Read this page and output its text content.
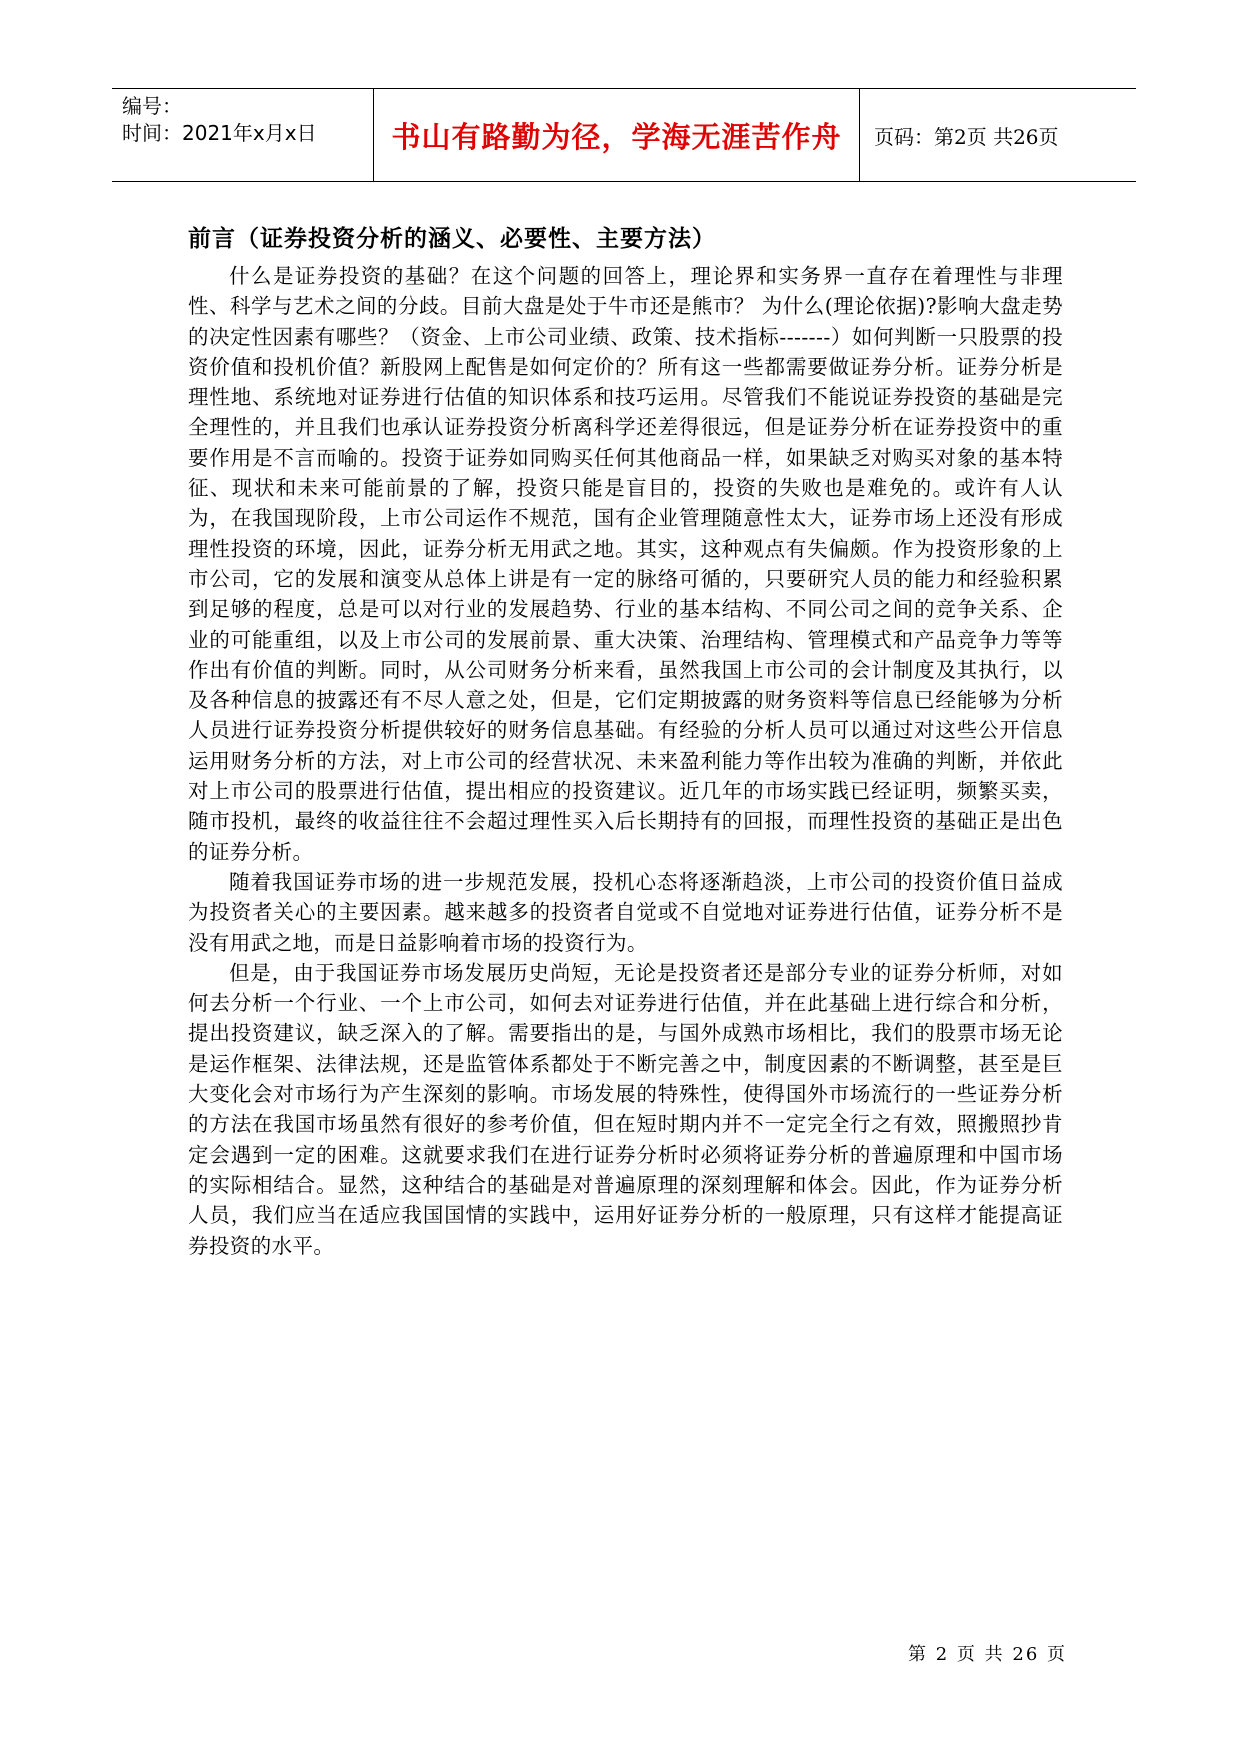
编号：
时间：2021年x月x日	书山有路勤为径，学海无涯苦作舟	页码：第2页 共26页
前言（证券投资分析的涵义、必要性、主要方法）

什么是证券投资的基础？在这个问题的回答上，理论界和实务界一直存在着理性与非理性、科学与艺术之间的分歧。目前大盘是处于牛市还是熊市？ 为什么(理论依据)?影响大盘走势的决定性因素有哪些？（资金、上市公司业绩、政策、技术指标-------）如何判断一只股票的投资价值和投机价值？新股网上配售是如何定价的？所有这一些都需要做证券分析。证券分析是理性地、系统地对证券进行估值的知识体系和技巧运用。尽管我们不能说证券投资的基础是完全理性的，并且我们也承认证券投资分析离科学还差得很远，但是证券分析在证券投资中的重要作用是不言而喻的。投资于证券如同购买任何其他商品一样，如果缺乏对购买对象的基本特征、现状和未来可能前景的了解，投资只能是盲目的，投资的失败也是难免的。或许有人认为，在我国现阶段，上市公司运作不规范，国有企业管理随意性太大，证券市场上还没有形成理性投资的环境，因此，证券分析无用武之地。其实，这种观点有失偏颇。作为投资形象的上市公司，它的发展和演变从总体上讲是有一定的脉络可循的，只要研究人员的能力和经验积累到足够的程度，总是可以对行业的发展趋势、行业的基本结构、不同公司之间的竞争关系、企业的可能重组，以及上市公司的发展前景、重大决策、治理结构、管理模式和产品竞争力等等作出有价值的判断。同时，从公司财务分析来看，虽然我国上市公司的会计制度及其执行，以及各种信息的披露还有不尽人意之处，但是，它们定期披露的财务资料等信息已经能够为分析人员进行证券投资分析提供较好的财务信息基础。有经验的分析人员可以通过对这些公开信息运用财务分析的方法，对上市公司的经营状况、未来盈利能力等作出较为准确的判断，并依此对上市公司的股票进行估值，提出相应的投资建议。近几年的市场实践已经证明，频繁买卖，随市投机，最终的收益往往不会超过理性买入后长期持有的回报，而理性投资的基础正是出色的证券分析。

随着我国证券市场的进一步规范发展，投机心态将逐渐趋淡，上市公司的投资价值日益成为投资者关心的主要因素。越来越多的投资者自觉或不自觉地对证券进行估值，证券分析不是没有用武之地，而是日益影响着市场的投资行为。

但是，由于我国证券市场发展历史尚短，无论是投资者还是部分专业的证券分析师，对如何去分析一个行业、一个上市公司，如何去对证券进行估值，并在此基础上进行综合和分析，提出投资建议，缺乏深入的了解。需要指出的是，与国外成熟市场相比，我们的股票市场无论是运作框架、法律法规，还是监管体系都处于不断完善之中，制度因素的不断调整，甚至是巨大变化会对市场行为产生深刻的影响。市场发展的特殊性，使得国外市场流行的一些证券分析的方法在我国市场虽然有很好的参考价值，但在短时期内并不一定完全行之有效，照搬照抄肯定会遇到一定的困难。这就要求我们在进行证券分析时必须将证券分析的普遍原理和中国市场的实际相结合。显然，这种结合的基础是对普遍原理的深刻理解和体会。因此，作为证券分析人员，我们应当在适应我国国情的实践中，运用好证券分析的一般原理，只有这样才能提高证券投资的水平。

第 2 页 共 26 页
